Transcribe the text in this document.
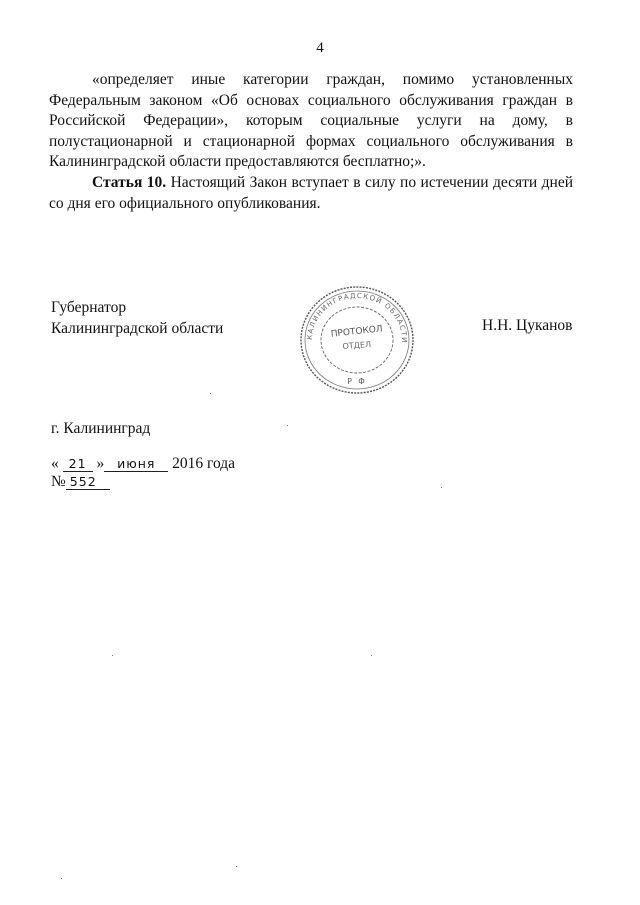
4
«определяет иные категории граждан, помимо установленных
Федеральным законом «Об основах социального обслуживания граждан в
Российской Федерации», которым социальные услуги на дому, в
полустационарной и стационарной формах социального обслуживания в
Калининградской области предоставляются бесплатно;».
Статья 10. Настоящий Закон вступает в силу по истечении десяти дней
со дня его официального опубликования.
Губернатор
Калининградской области	Н.Н. Цуканов
КАЛИНИНГРАДСКОЙ ОБЛАСТИ
ПРОТОКОЛ
ОТДЕЛ
Р Ф
г. Калининград
« 21 » июня 2016 года
№ 552
